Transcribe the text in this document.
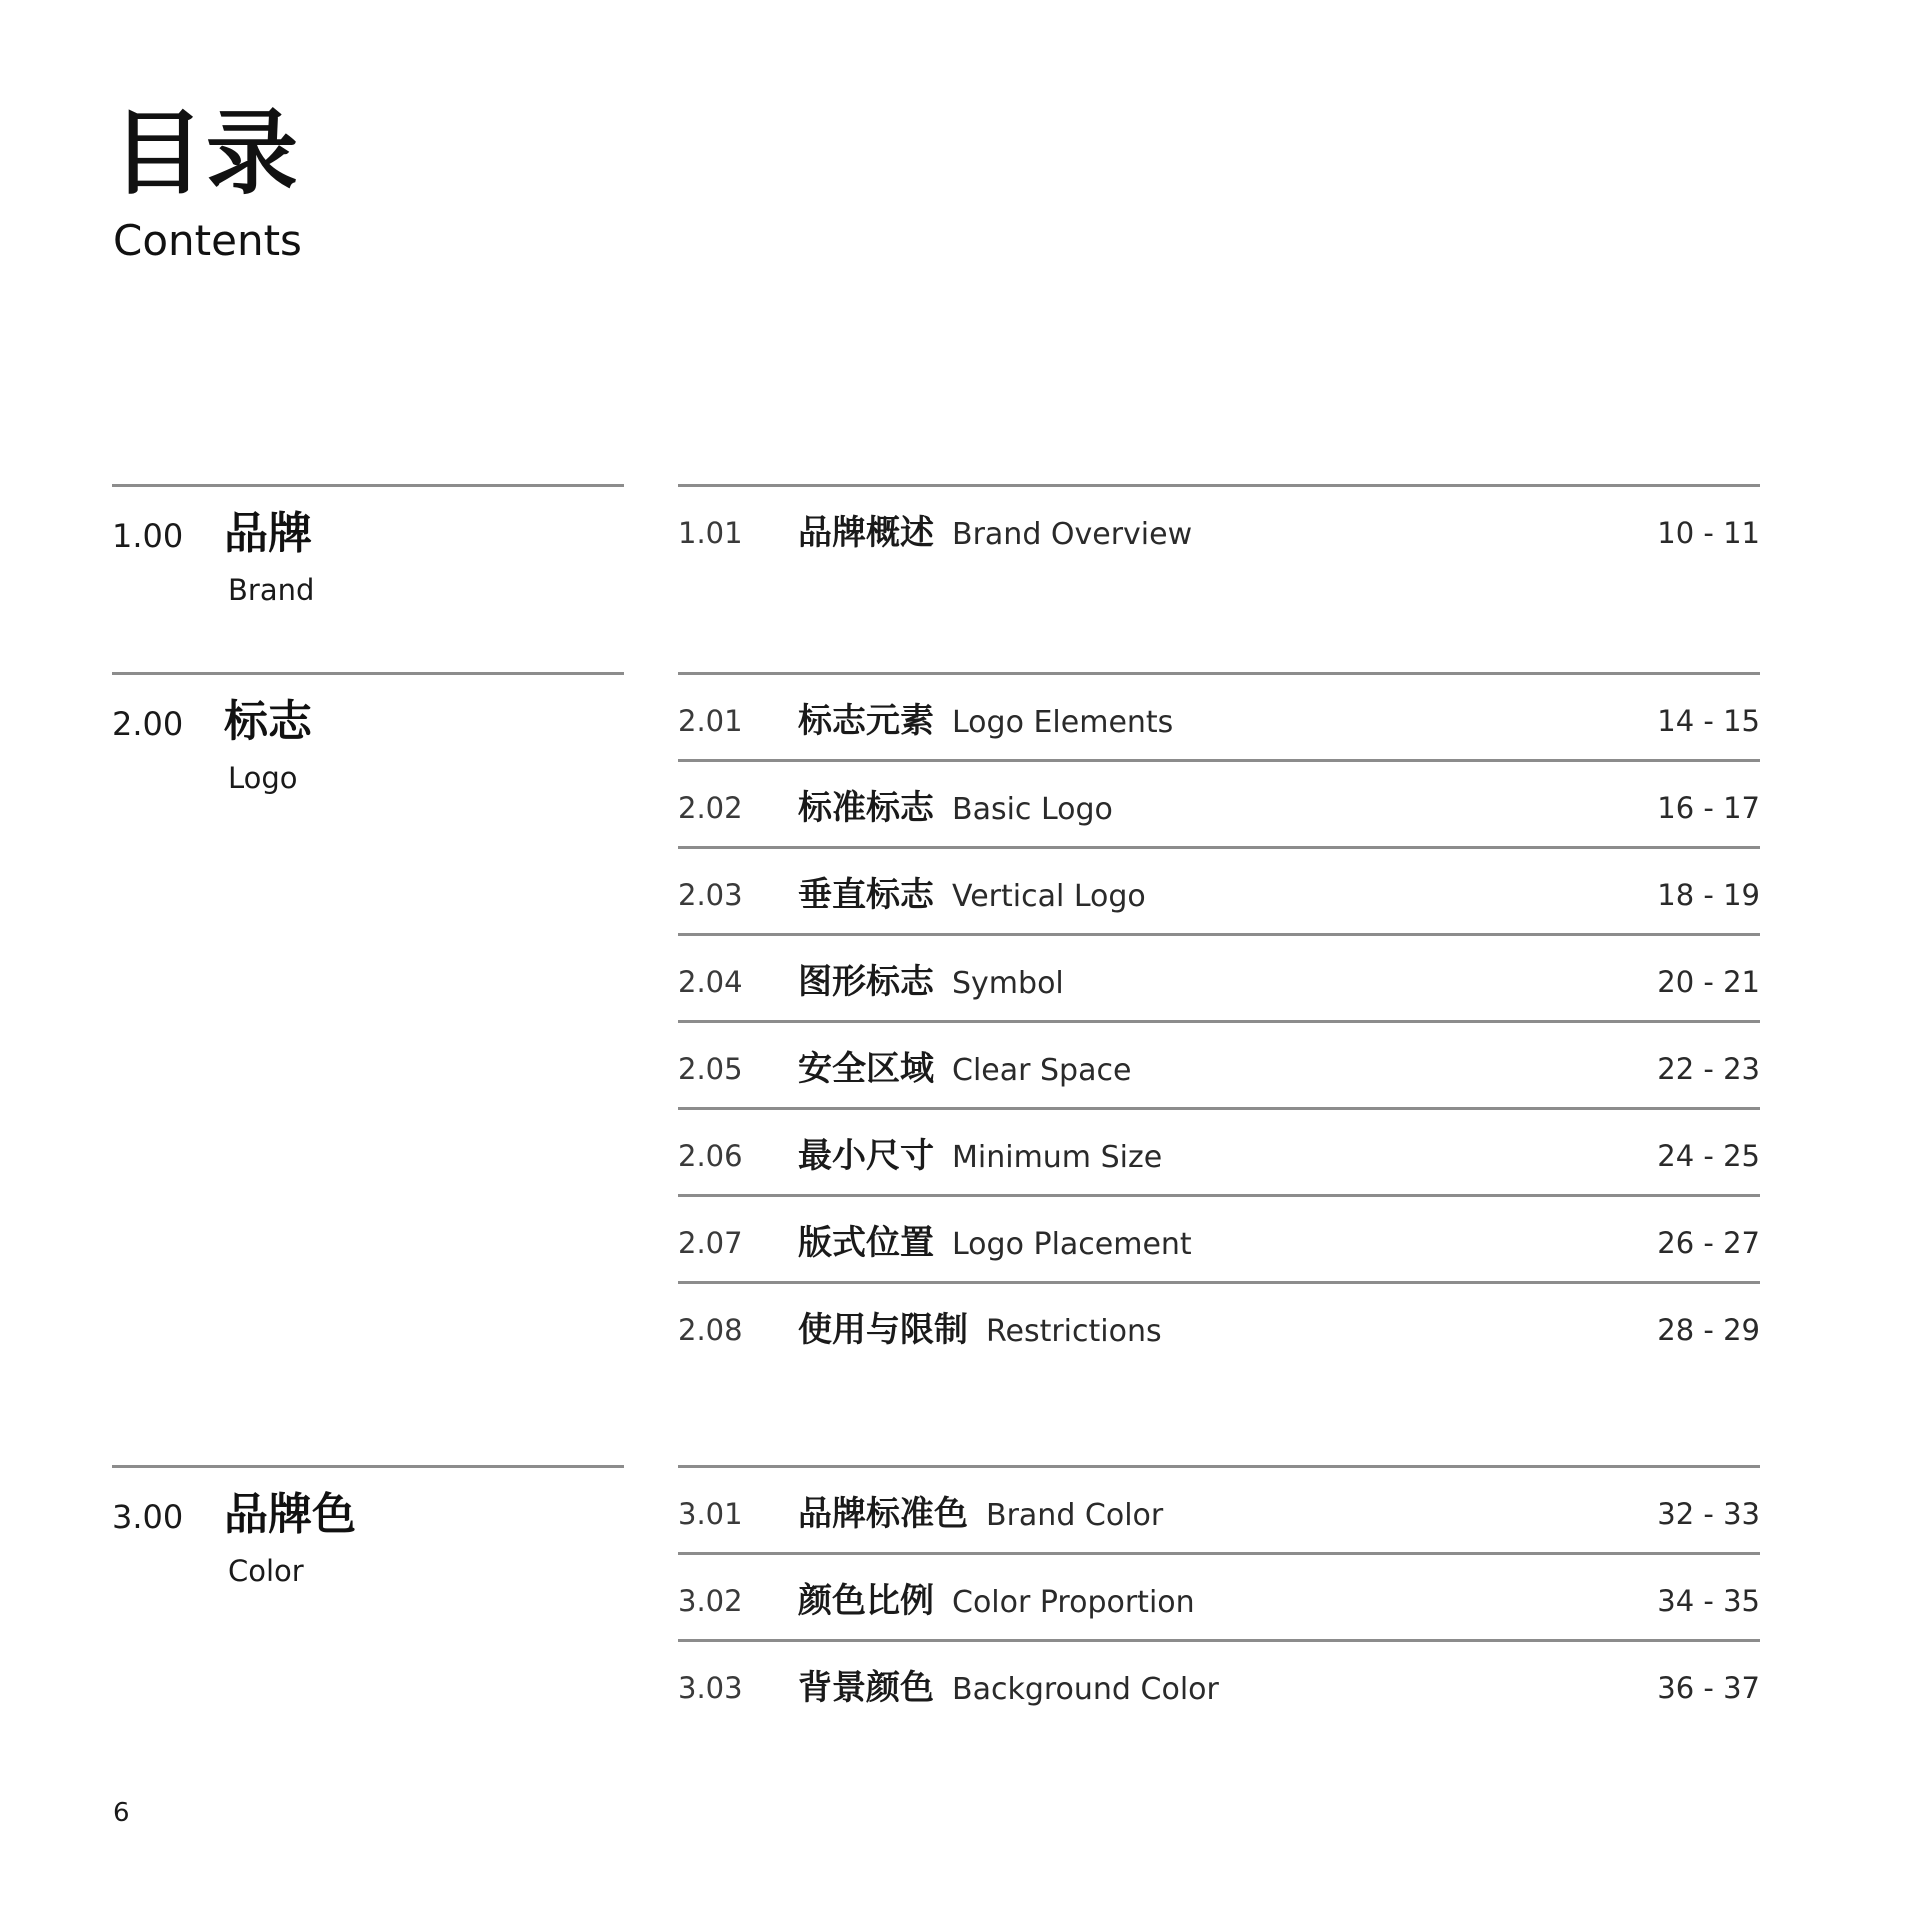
目录
Contents
1.00 品牌
Brand
1.01 品牌概述 Brand Overview	10 - 11
2.00 标志
Logo
2.01 标志元素 Logo Elements	14 - 15
2.02 标准标志 Basic Logo	16 - 17
2.03 垂直标志 Vertical Logo	18 - 19
2.04 图形标志 Symbol	20 - 21
2.05 安全区域 Clear Space	22 - 23
2.06 最小尺寸 Minimum Size	24 - 25
2.07 版式位置 Logo Placement	26 - 27
2.08 使用与限制 Restrictions	28 - 29
3.00 品牌色
Color
3.01 品牌标准色 Brand Color	32 - 33
3.02 颜色比例 Color Proportion	34 - 35
3.03 背景颜色 Background Color	36 - 37
6
